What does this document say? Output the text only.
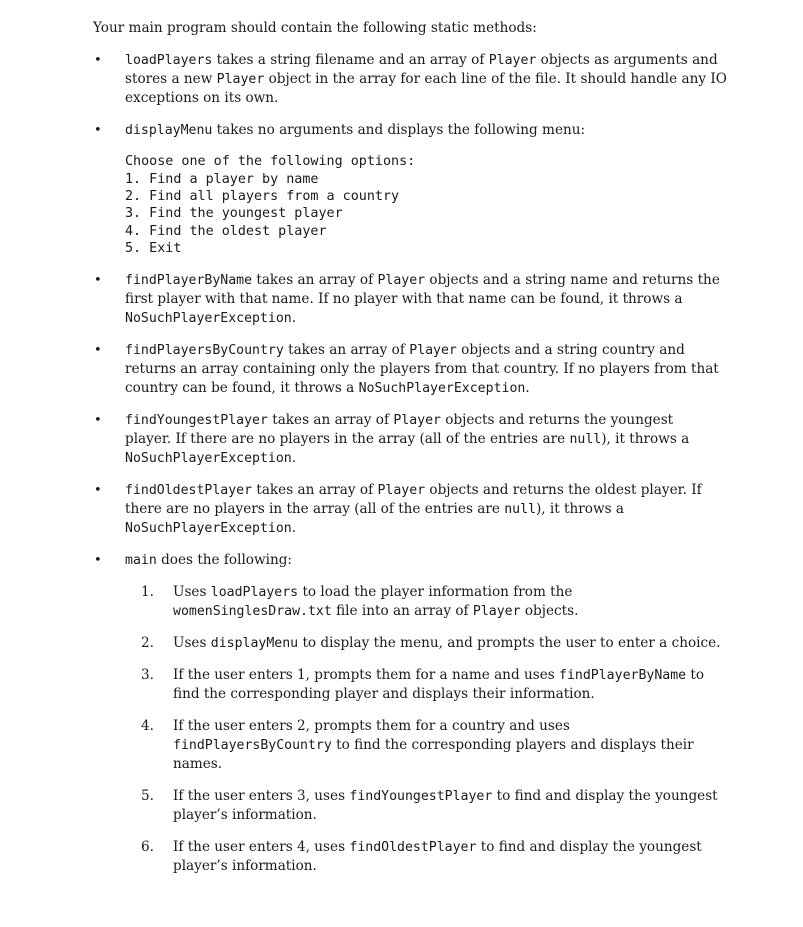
Your main program should contain the following static methods:
• loadPlayers takes a string filename and an array of Player objects as arguments and
stores a new Player object in the array for each line of the file. It should handle any IO
exceptions on its own.
• displayMenu takes no arguments and displays the following menu:
Choose one of the following options:
1. Find a player by name
2. Find all players from a country
3. Find the youngest player
4. Find the oldest player
5. Exit
• findPlayerByName takes an array of Player objects and a string name and returns the
first player with that name. If no player with that name can be found, it throws a
NoSuchPlayerException.
• findPlayersByCountry takes an array of Player objects and a string country and
returns an array containing only the players from that country. If no players from that
country can be found, it throws a NoSuchPlayerException.
• findYoungestPlayer takes an array of Player objects and returns the youngest
player. If there are no players in the array (all of the entries are null), it throws a
NoSuchPlayerException.
• findOldestPlayer takes an array of Player objects and returns the oldest player. If
there are no players in the array (all of the entries are null), it throws a
NoSuchPlayerException.
• main does the following:
1. Uses loadPlayers to load the player information from the
womenSinglesDraw.txt file into an array of Player objects.
2. Uses displayMenu to display the menu, and prompts the user to enter a choice.
3. If the user enters 1, prompts them for a name and uses findPlayerByName to
find the corresponding player and displays their information.
4. If the user enters 2, prompts them for a country and uses
findPlayersByCountry to find the corresponding players and displays their
names.
5. If the user enters 3, uses findYoungestPlayer to find and display the youngest
player’s information.
6. If the user enters 4, uses findOldestPlayer to find and display the youngest
player’s information.
